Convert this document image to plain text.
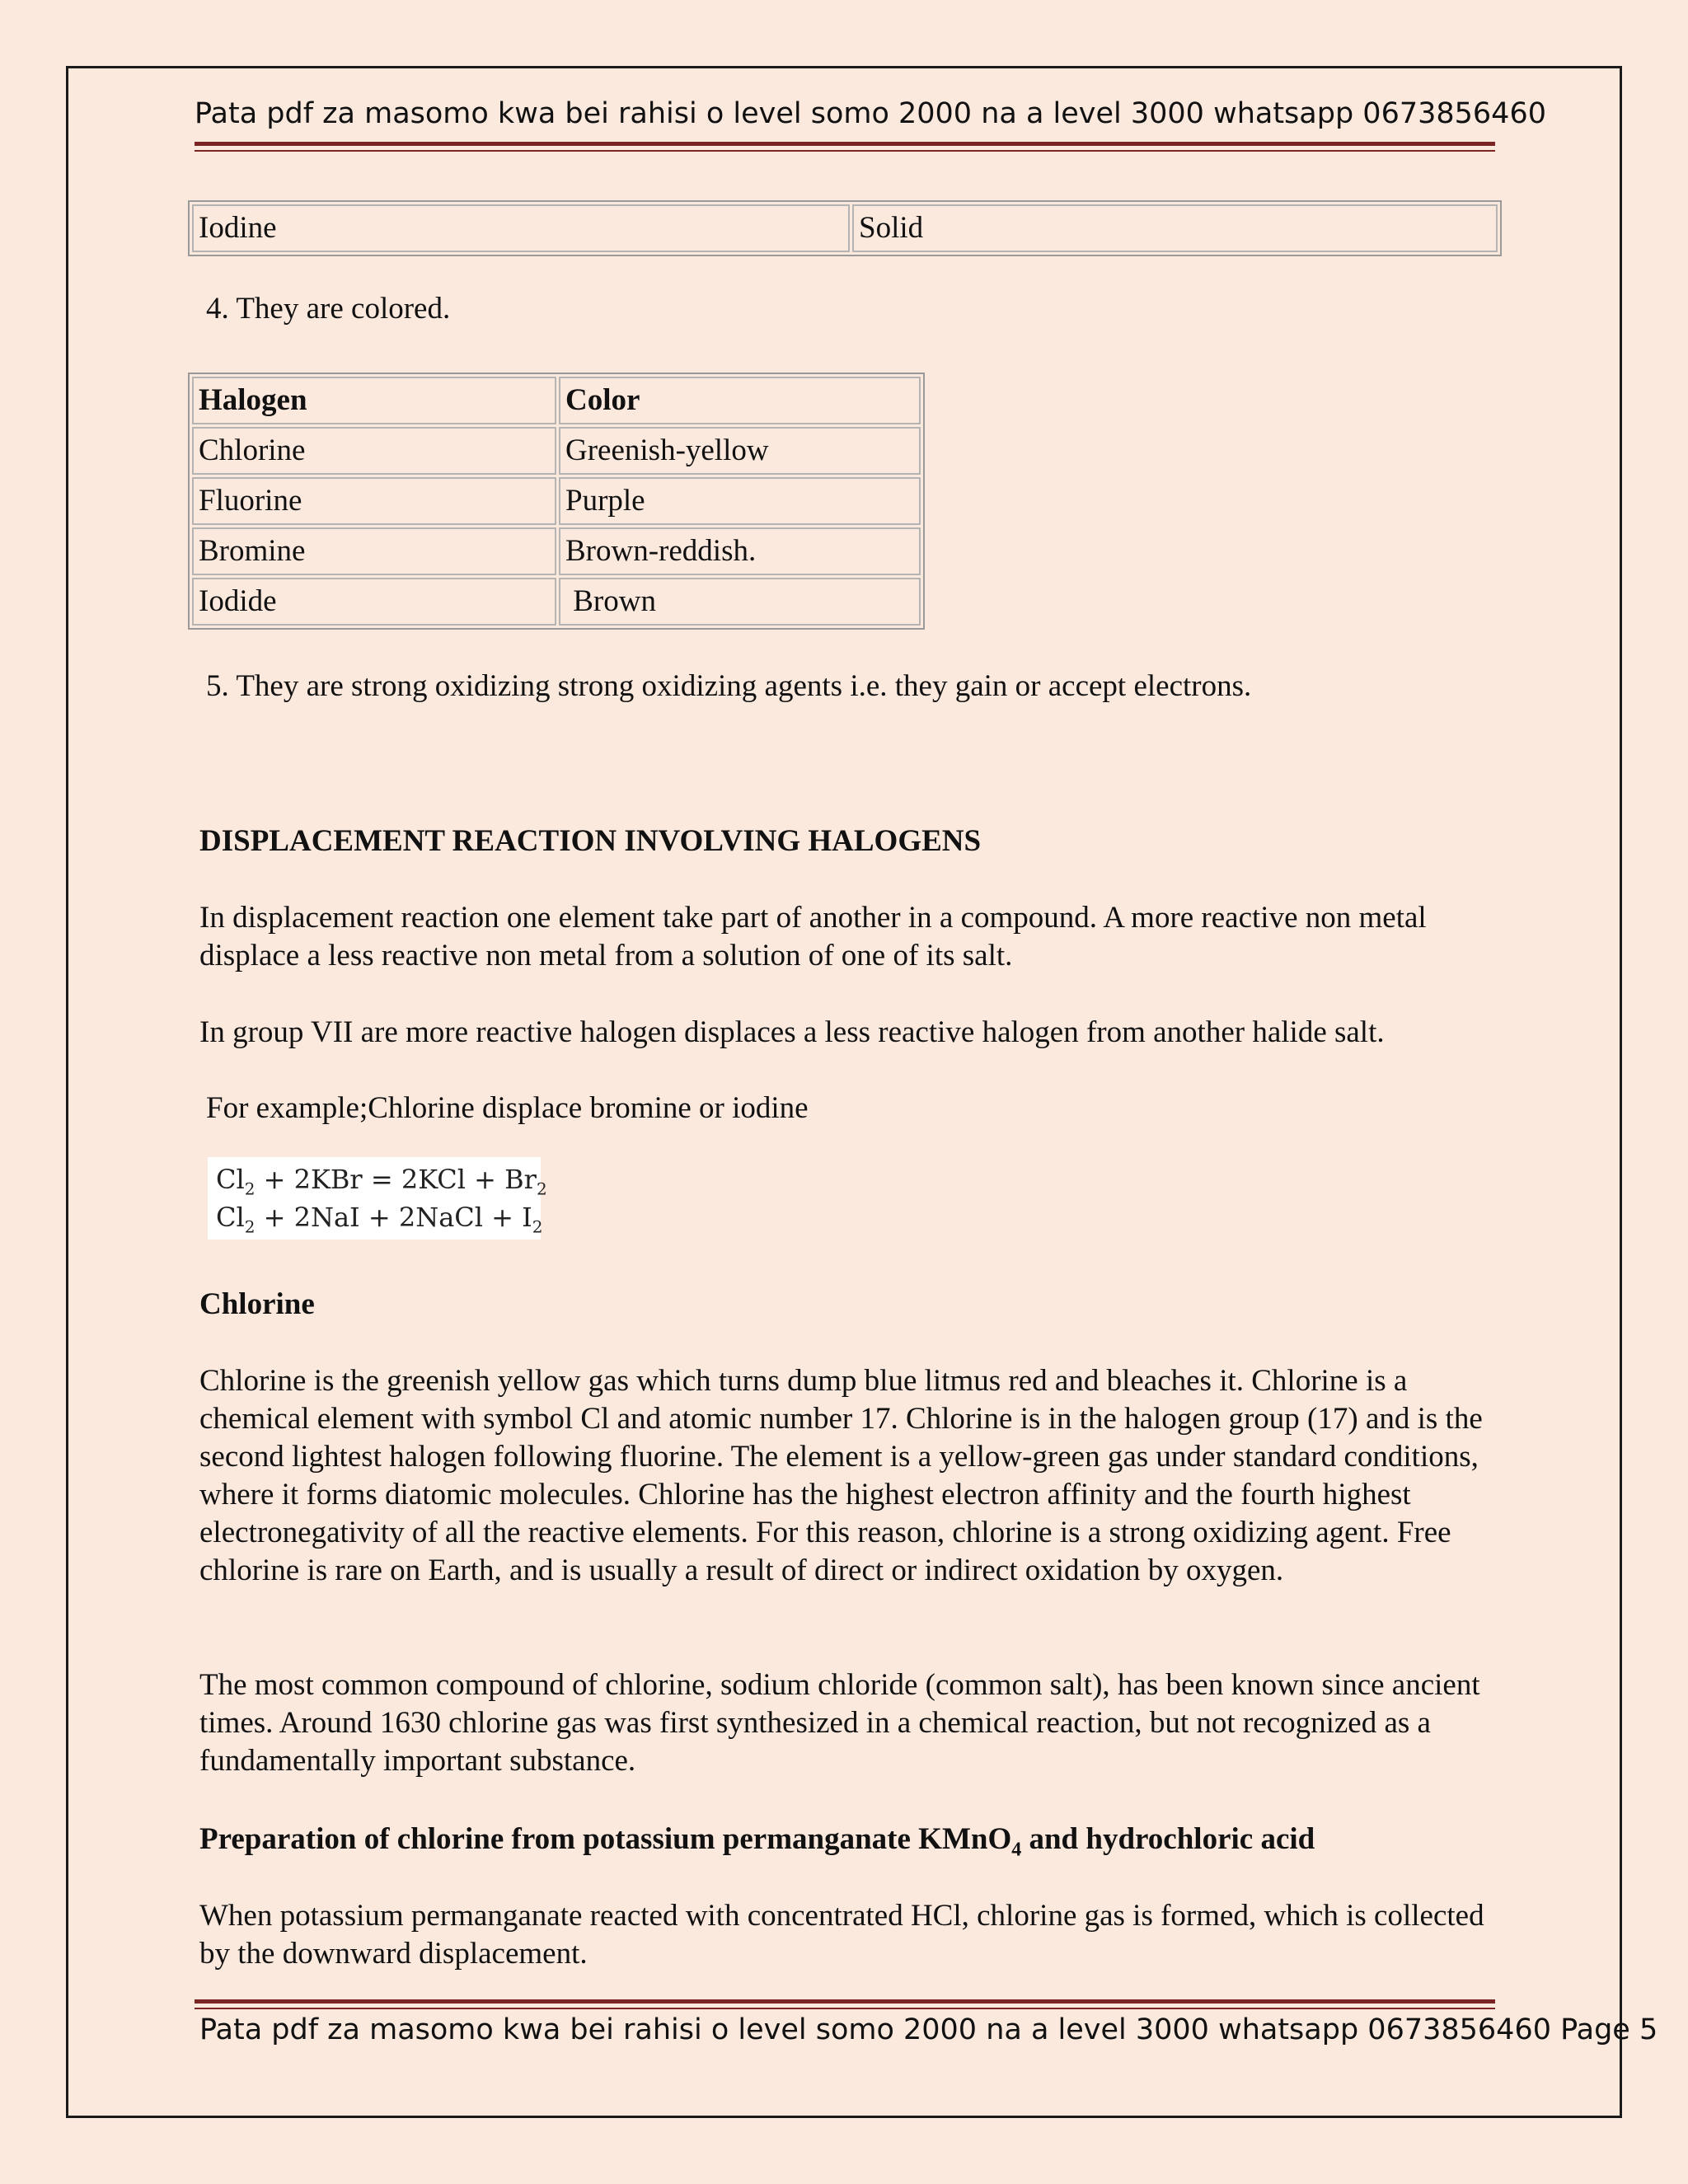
Pata pdf za masomo kwa bei rahisi o level somo 2000 na a level 3000 whatsapp 0673856460
Iodine	Solid

4. They are colored.

Halogen	Color
Chlorine	Greenish-yellow
Fluorine	Purple
Bromine	Brown-reddish.
Iodide	Brown

5. They are strong oxidizing strong oxidizing agents i.e. they gain or accept electrons.

DISPLACEMENT REACTION INVOLVING HALOGENS

In displacement reaction one element take part of another in a compound. A more reactive non metal displace a less reactive non metal from a solution of one of its salt.

In group VII are more reactive halogen displaces a less reactive halogen from another halide salt.

For example;Chlorine displace bromine or iodine

$Cl_2 + 2KBr = 2KCl + Br_2$
$Cl_2 + 2NaI$ + 2NaCl + $I_2$

Chlorine

Chlorine is the greenish yellow gas which turns dump blue litmus red and bleaches it. Chlorine is a chemical element with symbol Cl and atomic number 17. Chlorine is in the halogen group (17) and is the second lightest halogen following fluorine. The element is a yellow-green gas under standard conditions, where it forms diatomic molecules. Chlorine has the highest electron affinity and the fourth highest electronegativity of all the reactive elements. For this reason, chlorine is a strong oxidizing agent. Free chlorine is rare on Earth, and is usually a result of direct or indirect oxidation by oxygen.

The most common compound of chlorine, sodium chloride (common salt), has been known since ancient times. Around 1630 chlorine gas was first synthesized in a chemical reaction, but not recognized as a fundamentally important substance.

Preparation of chlorine from potassium permanganate KMnO$_4$ and hydrochloric acid

When potassium permanganate reacted with concentrated HCl, chlorine gas is formed, which is collected by the downward displacement.

Pata pdf za masomo kwa bei rahisi o level somo 2000 na a level 3000 whatsapp 0673856460 Page 5
